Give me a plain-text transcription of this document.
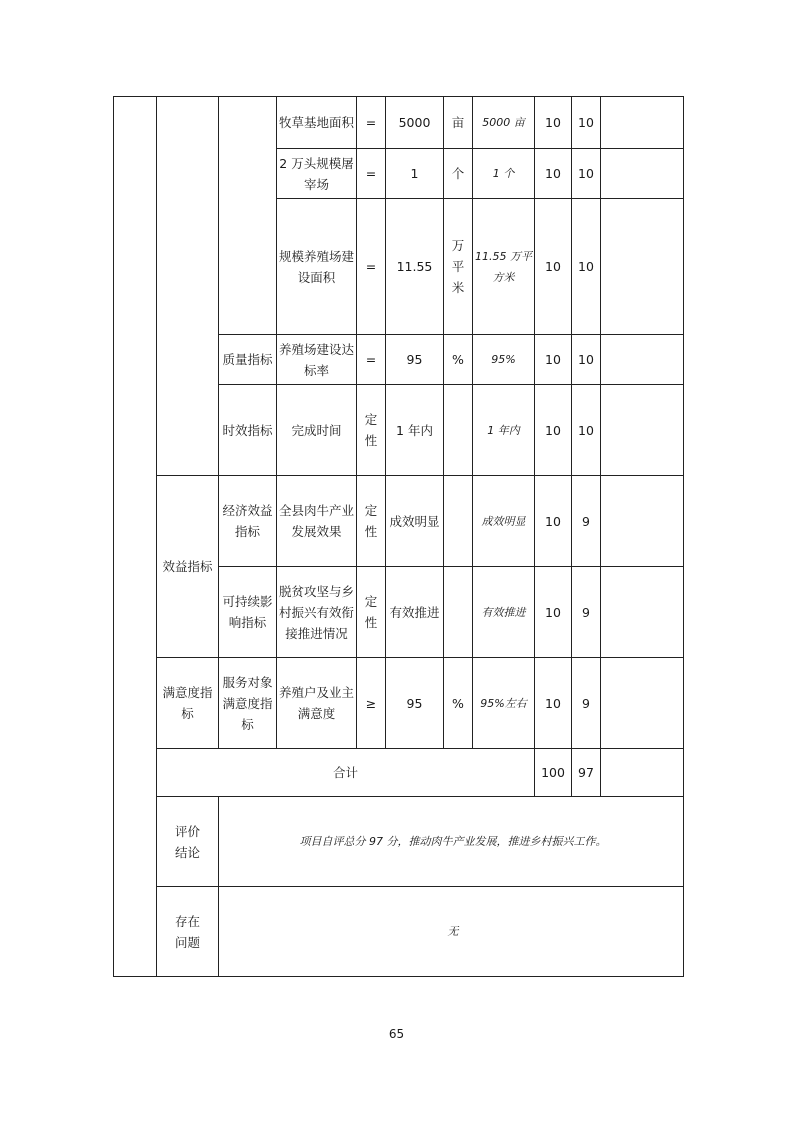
			牧草基地面积	=	5000	亩	5000 亩	10	10	
			2 万头规模屠宰场	=	1	个	1 个	10	10	
			规模养殖场建设面积	=	11.55	万平米	11.55 万平方米	10	10	
		质量指标	养殖场建设达标率	=	95	%	95%	10	10	
		时效指标	完成时间	定性	1 年内		1 年内	10	10	
	效益指标	经济效益指标	全县肉牛产业发展效果	定性	成效明显		成效明显	10	9	
		可持续影响指标	脱贫攻坚与乡村振兴有效衔接推进情况	定性	有效推进		有效推进	10	9	
	满意度指标	服务对象满意度指标	养殖户及业主满意度	≥	95	%	95%左右	10	9	
	合计							100	97	
	评价结论	项目自评总分 97 分，推动肉牛产业发展，推进乡村振兴工作。								
	存在问题	无								
65
